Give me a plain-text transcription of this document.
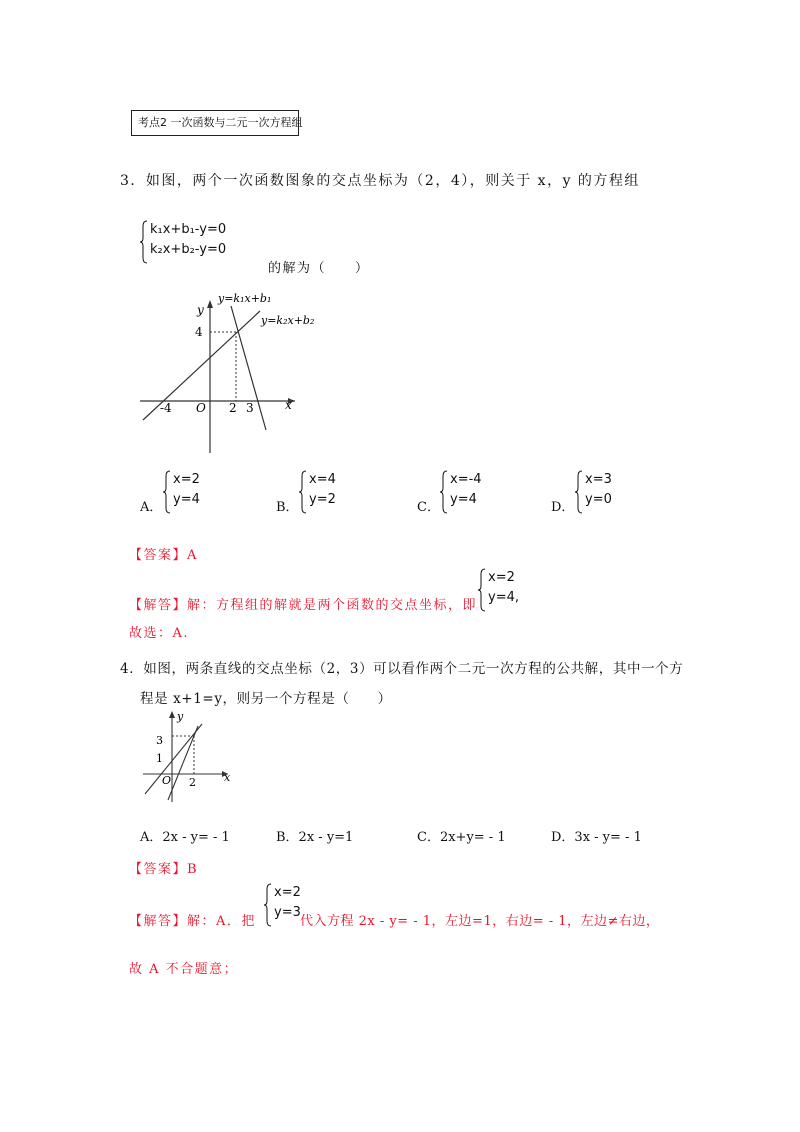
考点2 一次函数与二元一次方程组
3．如图，两个一次函数图象的交点坐标为（2，4），则关于 x，y 的方程组
k₁x+b₁-y=0
k₂x+b₂-y=0
的解为（　　）
y=k₁x+b₁
y=k₂x+b₂
y
x
O
4
-4	2 3
A．
x=2
y=4
B．
x=4
y=2
C．
x=-4
y=4
D．
x=3
y=0
【答案】A
【解答】解：方程组的解就是两个函数的交点坐标，即
x=2
y=4,
故选：A.
4．如图，两条直线的交点坐标（2，3）可以看作两个二元一次方程的公共解，其中一个方
程是 x+1=y，则另一个方程是（　　）
y
x
O
3
1
2
A．2x - y= - 1	B．2x - y=1	C．2x+y= - 1	D．3x - y= - 1
【答案】B
【解答】解：A．把
x=2
y=3
代入方程 2x - y= - 1，左边=1，右边= - 1，左边≠右边，
故 A 不合题意；
